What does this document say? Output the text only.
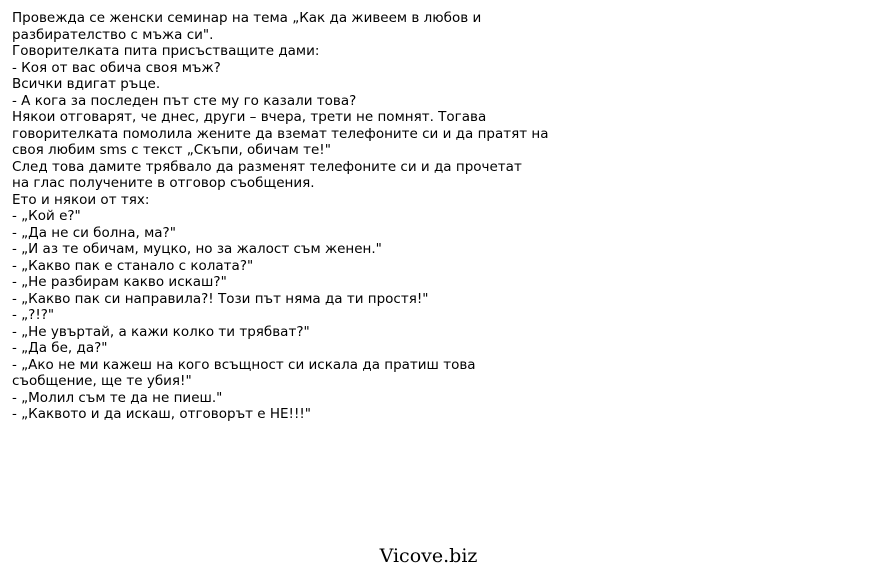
Провежда се женски семинар на тема „Как да живеем в любов и
разбирателство с мъжа си".
Говорителката пита присъстващите дами:
- Коя от вас обича своя мъж?
Всички вдигат ръце.
- А кога за последен път сте му го казали това?
Някои отговарят, че днес, други – вчера, трети не помнят. Тогава
говорителката помолила жените да вземат телефоните си и да пратят на
своя любим sms с текст „Скъпи, обичам те!"
След това дамите трябвало да разменят телефоните си и да прочетат
на глас получените в отговор съобщения.
Ето и някои от тях:
- „Кой е?"
- „Да не си болна, ма?"
- „И аз те обичам, муцко, но за жалост съм женен."
- „Какво пак е станало с колата?"
- „Не разбирам какво искаш?"
- „Какво пак си направила?! Този път няма да ти простя!"
- „?!?"
- „Не увъртай, а кажи колко ти трябват?"
- „Да бе, да?"
- „Ако не ми кажеш на кого всъщност си искала да пратиш това
съобщение, ще те убия!"
- „Молил съм те да не пиеш."
- „Каквото и да искаш, отговорът е НЕ!!!"
Vicove.biz
